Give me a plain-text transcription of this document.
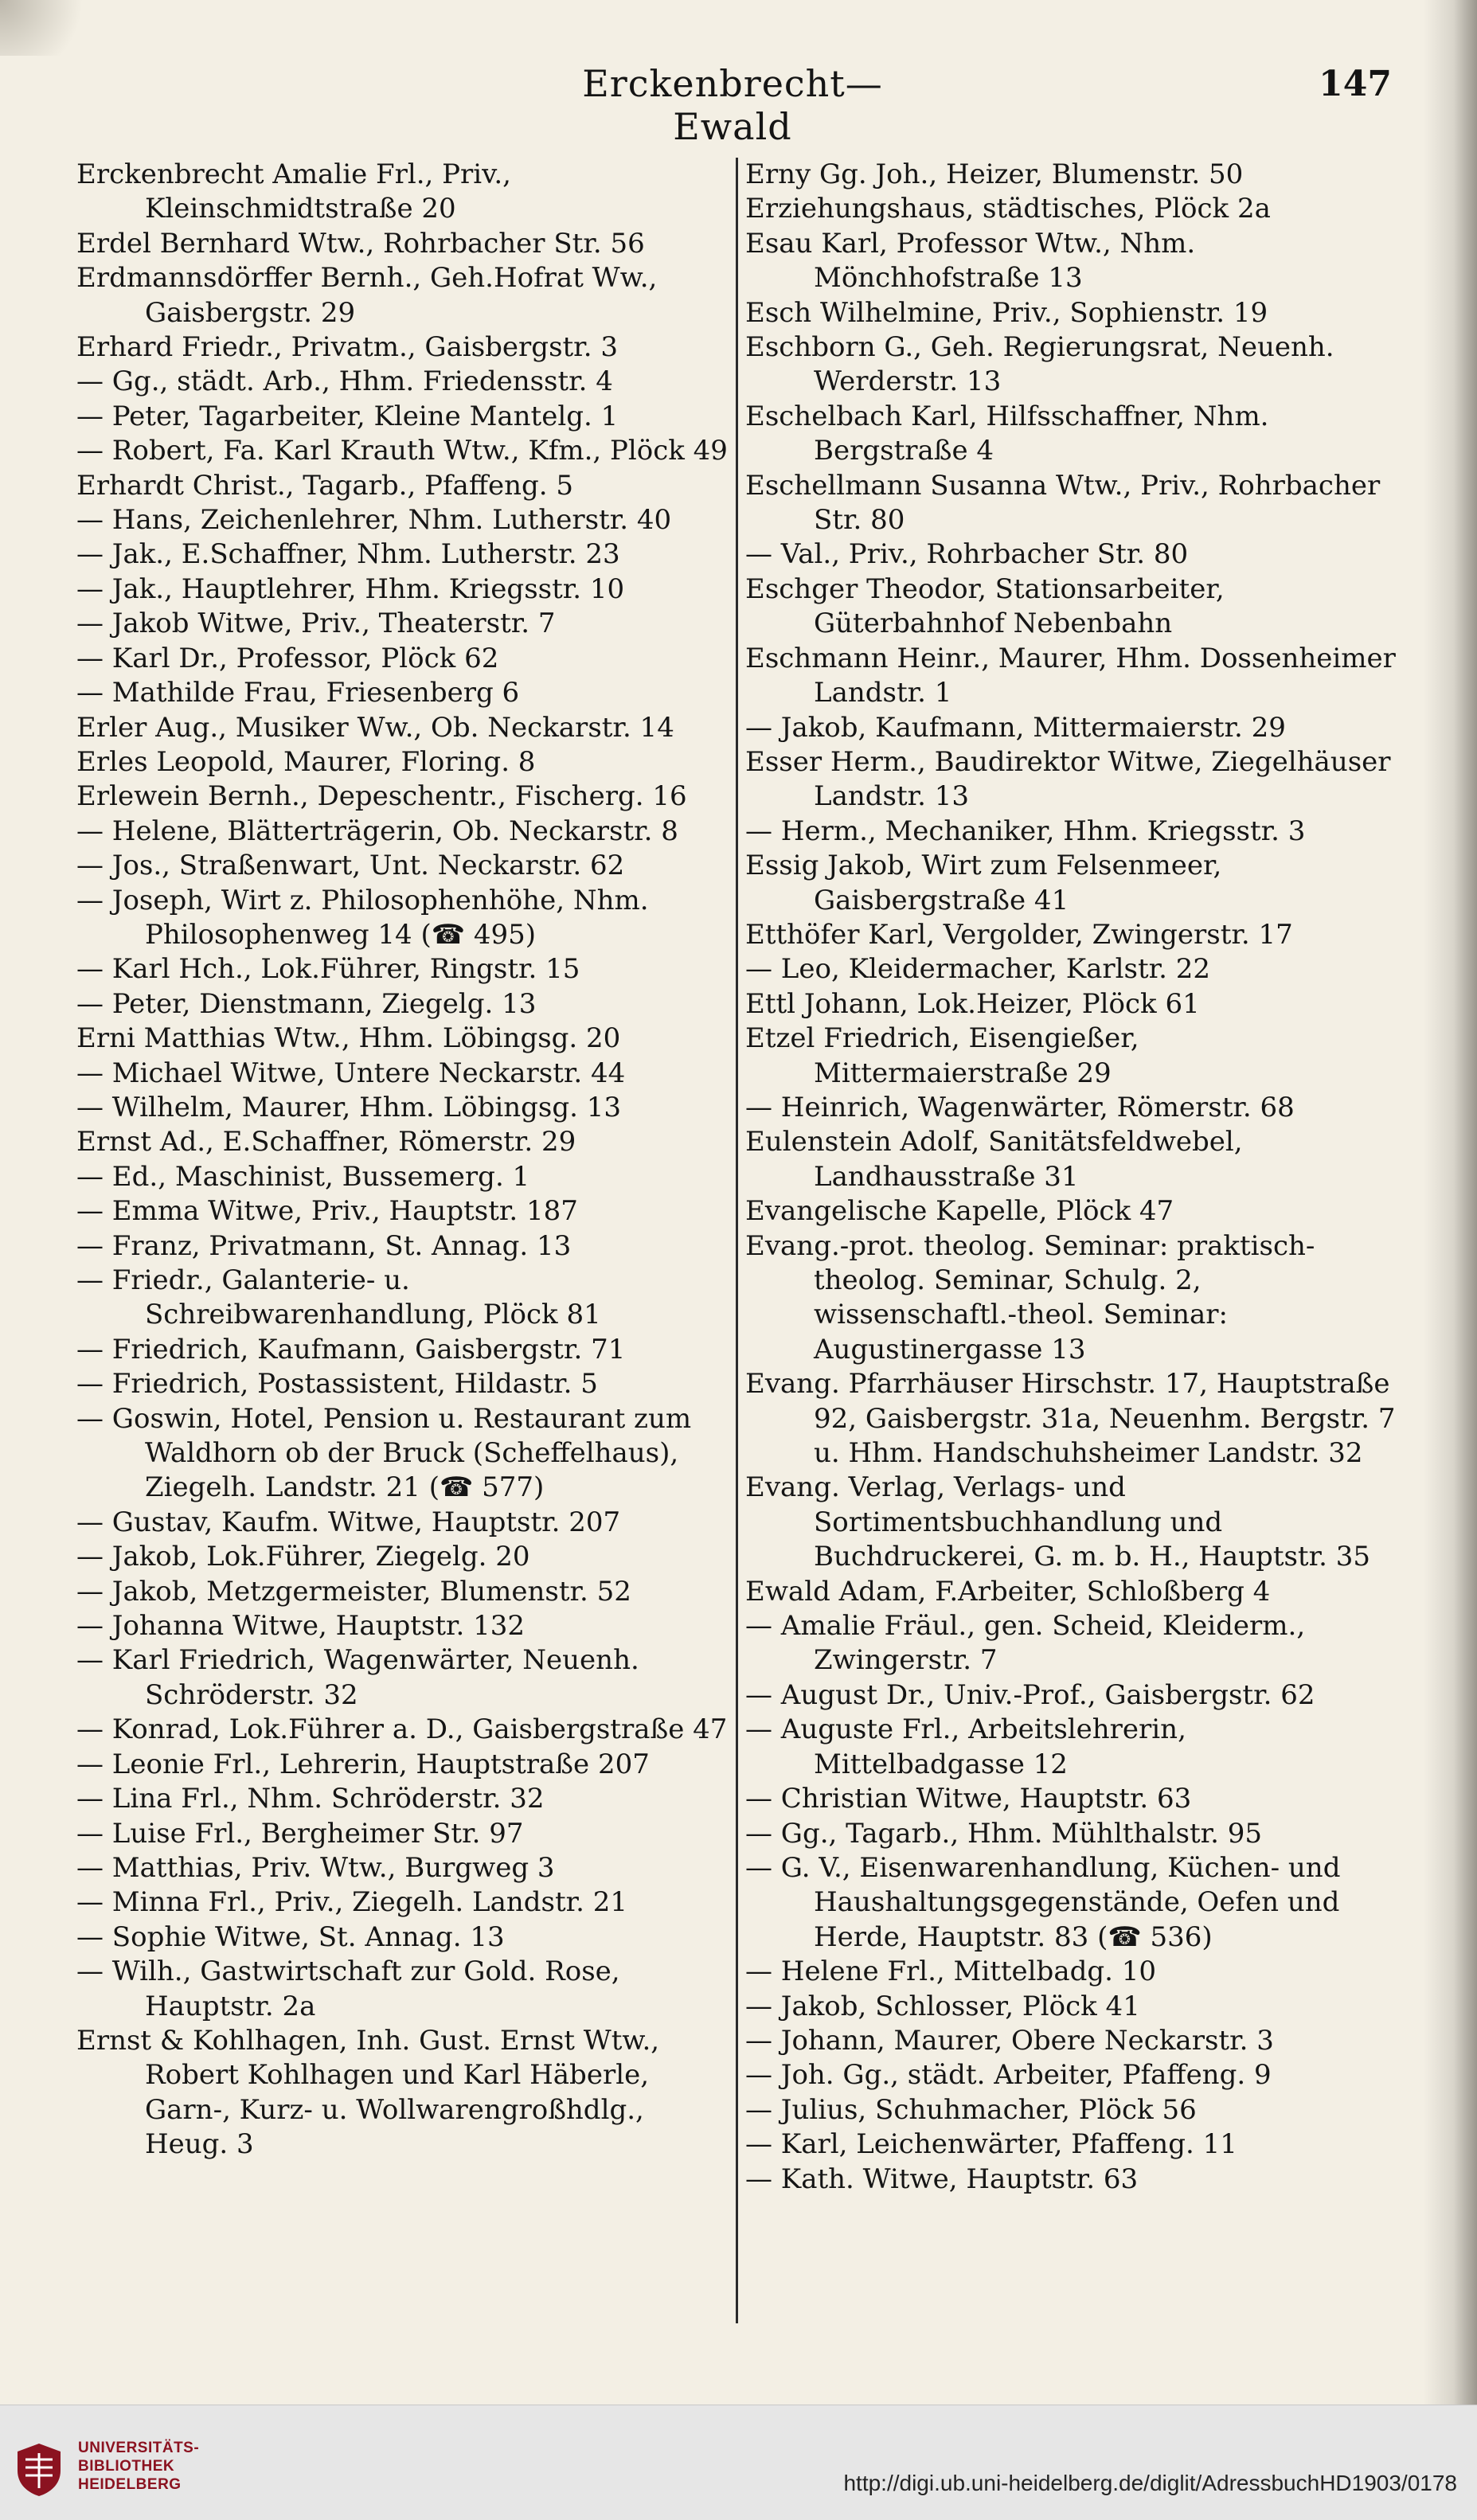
Erckenbrecht—Ewald
147
Erckenbrecht Amalie Frl., Priv., Kleinschmidtstraße 20
Erdel Bernhard Wtw., Rohrbacher Str. 56
Erdmannsdörffer Bernh., Geh.Hofrat Ww., Gaisbergstr. 29
Erhard Friedr., Privatm., Gaisbergstr. 3
— Gg., städt. Arb., Hhm. Friedensstr. 4
— Peter, Tagarbeiter, Kleine Mantelg. 1
— Robert, Fa. Karl Krauth Wtw., Kfm., Plöck 49
Erhardt Christ., Tagarb., Pfaffeng. 5
— Hans, Zeichenlehrer, Nhm. Lutherstr. 40
— Jak., E.Schaffner, Nhm. Lutherstr. 23
— Jak., Hauptlehrer, Hhm. Kriegsstr. 10
— Jakob Witwe, Priv., Theaterstr. 7
— Karl Dr., Professor, Plöck 62
— Mathilde Frau, Friesenberg 6
Erler Aug., Musiker Ww., Ob. Neckarstr. 14
Erles Leopold, Maurer, Floring. 8
Erlewein Bernh., Depeschentr., Fischerg. 16
— Helene, Blätterträgerin, Ob. Neckarstr. 8
— Jos., Straßenwart, Unt. Neckarstr. 62
— Joseph, Wirt z. Philosophenhöhe, Nhm. Philosophenweg 14 (☎ 495)
— Karl Hch., Lok.Führer, Ringstr. 15
— Peter, Dienstmann, Ziegelg. 13
Erni Matthias Wtw., Hhm. Löbingsg. 20
— Michael Witwe, Untere Neckarstr. 44
— Wilhelm, Maurer, Hhm. Löbingsg. 13
Ernst Ad., E.Schaffner, Römerstr. 29
— Ed., Maschinist, Bussemerg. 1
— Emma Witwe, Priv., Hauptstr. 187
— Franz, Privatmann, St. Annag. 13
— Friedr., Galanterie- u. Schreibwarenhandlung, Plöck 81
— Friedrich, Kaufmann, Gaisbergstr. 71
— Friedrich, Postassistent, Hildastr. 5
— Goswin, Hotel, Pension u. Restaurant zum Waldhorn ob der Bruck (Scheffelhaus), Ziegelh. Landstr. 21 (☎ 577)
— Gustav, Kaufm. Witwe, Hauptstr. 207
— Jakob, Lok.Führer, Ziegelg. 20
— Jakob, Metzgermeister, Blumenstr. 52
— Johanna Witwe, Hauptstr. 132
— Karl Friedrich, Wagenwärter, Neuenh. Schröderstr. 32
— Konrad, Lok.Führer a. D., Gaisbergstraße 47
— Leonie Frl., Lehrerin, Hauptstraße 207
— Lina Frl., Nhm. Schröderstr. 32
— Luise Frl., Bergheimer Str. 97
— Matthias, Priv. Wtw., Burgweg 3
— Minna Frl., Priv., Ziegelh. Landstr. 21
— Sophie Witwe, St. Annag. 13
— Wilh., Gastwirtschaft zur Gold. Rose, Hauptstr. 2a
Ernst & Kohlhagen, Inh. Gust. Ernst Wtw., Robert Kohlhagen und Karl Häberle, Garn-, Kurz- u. Wollwarengroßhdlg., Heug. 3
Erny Gg. Joh., Heizer, Blumenstr. 50
Erziehungshaus, städtisches, Plöck 2a
Esau Karl, Professor Wtw., Nhm. Mönchhofstraße 13
Esch Wilhelmine, Priv., Sophienstr. 19
Eschborn G., Geh. Regierungsrat, Neuenh. Werderstr. 13
Eschelbach Karl, Hilfsschaffner, Nhm. Bergstraße 4
Eschellmann Susanna Wtw., Priv., Rohrbacher Str. 80
— Val., Priv., Rohrbacher Str. 80
Eschger Theodor, Stationsarbeiter, Güterbahnhof Nebenbahn
Eschmann Heinr., Maurer, Hhm. Dossenheimer Landstr. 1
— Jakob, Kaufmann, Mittermaierstr. 29
Esser Herm., Baudirektor Witwe, Ziegelhäuser Landstr. 13
— Herm., Mechaniker, Hhm. Kriegsstr. 3
Essig Jakob, Wirt zum Felsenmeer, Gaisbergstraße 41
Etthöfer Karl, Vergolder, Zwingerstr. 17
— Leo, Kleidermacher, Karlstr. 22
Ettl Johann, Lok.Heizer, Plöck 61
Etzel Friedrich, Eisengießer, Mittermaierstraße 29
— Heinrich, Wagenwärter, Römerstr. 68
Eulenstein Adolf, Sanitätsfeldwebel, Landhausstraße 31
Evangelische Kapelle, Plöck 47
Evang.-prot. theolog. Seminar: praktisch-theolog. Seminar, Schulg. 2, wissenschaftl.-theol. Seminar: Augustinergasse 13
Evang. Pfarrhäuser Hirschstr. 17, Hauptstraße 92, Gaisbergstr. 31a, Neuenhm. Bergstr. 7 u. Hhm. Handschuhsheimer Landstr. 32
Evang. Verlag, Verlags- und Sortimentsbuchhandlung und Buchdruckerei, G. m. b. H., Hauptstr. 35
Ewald Adam, F.Arbeiter, Schloßberg 4
— Amalie Fräul., gen. Scheid, Kleiderm., Zwingerstr. 7
— August Dr., Univ.-Prof., Gaisbergstr. 62
— Auguste Frl., Arbeitslehrerin, Mittelbadgasse 12
— Christian Witwe, Hauptstr. 63
— Gg., Tagarb., Hhm. Mühlthalstr. 95
— G. V., Eisenwarenhandlung, Küchen- und Haushaltungsgegenstände, Oefen und Herde, Hauptstr. 83 (☎ 536)
— Helene Frl., Mittelbadg. 10
— Jakob, Schlosser, Plöck 41
— Johann, Maurer, Obere Neckarstr. 3
— Joh. Gg., städt. Arbeiter, Pfaffeng. 9
— Julius, Schuhmacher, Plöck 56
— Karl, Leichenwärter, Pfaffeng. 11
— Kath. Witwe, Hauptstr. 63
UNIVERSITÄTS-
BIBLIOTHEK
HEIDELBERG	http://digi.ub.uni-heidelberg.de/diglit/AdressbuchHD1903/0178
